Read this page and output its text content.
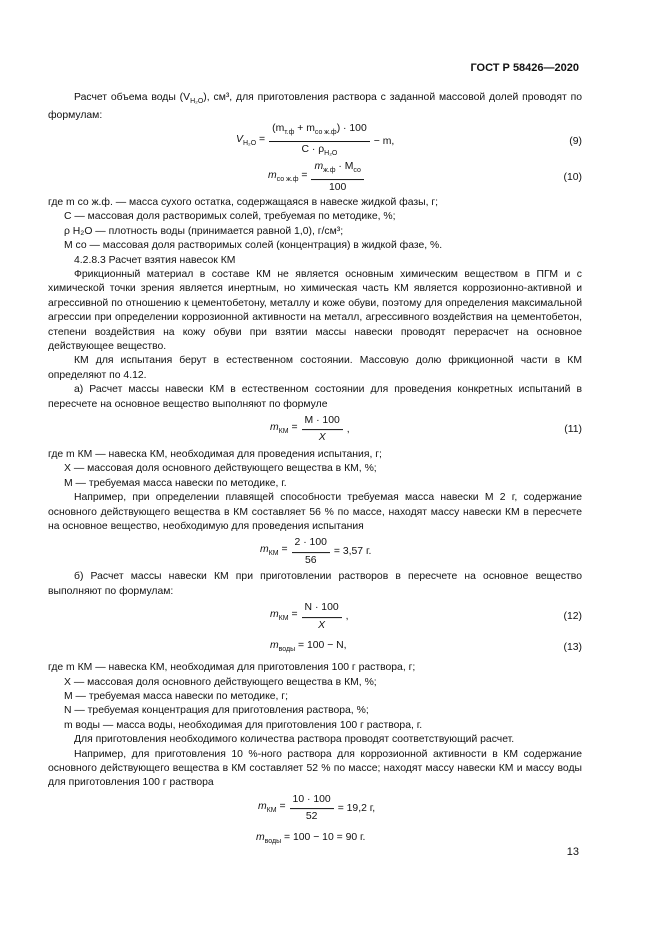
ГОСТ Р 58426—2020

Расчет объема воды $(V_{H_2O})$, см³, для приготовления раствора с заданной массовой долей проводят по формулам:

$V_{H_2O} = \frac{(m_{т.ф} + m_{со ж.ф}) \cdot 100}{С \cdot \rho_{H_2O}} - m$,	(9)
$m_{со ж.ф} = \frac{m_{ж.ф} \cdot M_{со}}{100}$	(10)

где m со ж.ф. — масса сухого остатка, содержащаяся в навеске жидкой фазы, г;

С — массовая доля растворимых солей, требуемая по методике, %;

ρ H₂O — плотность воды (принимается равной 1,0), г/см³;

M со — массовая доля растворимых солей (концентрация) в жидкой фазе, %.

4.2.8.3 Расчет взятия навесок КМ

Фрикционный материал в составе КМ не является основным химическим веществом в ПГМ и с химической точки зрения является инертным, но химическая часть КМ является коррозионно-активной и агрессивной по отношению к цементобетону, металлу и коже обуви, поэтому для определения максимальной агрессии при определении коррозионной активности на металл, агрессивного воздействия на цементобетон, степени воздействия на кожу обуви при взятии массы навески проводят перерасчет на основное действующее вещество.

КМ для испытания берут в естественном состоянии. Массовую долю фрикционной части в КМ определяют по 4.12.

а) Расчет массы навески КМ в естественном состоянии для проведения конкретных испытаний в пересчете на основное вещество выполняют по формуле

$m_{КМ} = \frac{M \cdot 100}{X}$ ,	(11)

где m КМ — навеска КМ, необходимая для проведения испытания, г;

X — массовая доля основного действующего вещества в КМ, %;

M — требуемая масса навески по методике, г.

Например, при определении плавящей способности требуемая масса навески M 2 г, содержание основного действующего вещества в КМ составляет 56 % по массе, находят массу навески КМ в пересчете на основное вещество, необходимую для проведения испытания

$m_{КМ} = \frac{2 \cdot 100}{56} = 3,57$ г.

б) Расчет массы навески КМ при приготовлении растворов в пересчете на основное вещество выполняют по формулам:

$m_{КМ} = \frac{N \cdot 100}{X}$ ,	(12)
$m_{воды} = 100 - N$,	(13)

где m КМ — навеска КМ, необходимая для приготовления 100 г раствора, г;

X — массовая доля основного действующего вещества в КМ, %;

M — требуемая масса навески по методике, г;

N — требуемая концентрация для приготовления раствора, %;

m воды — масса воды, необходимая для приготовления 100 г раствора, г.

Для приготовления необходимого количества раствора проводят соответствующий расчет.

Например, для приготовления 10 %-ного раствора для коррозионной активности в КМ содержание основного действующего вещества в КМ составляет 52 % по массе; находят массу навески КМ и массу воды для приготовления 100 г раствора

$m_{КМ} = \frac{10 \cdot 100}{52} = 19,2$ г,
$m_{воды} = 100 - 10 = 90$ г.
13
